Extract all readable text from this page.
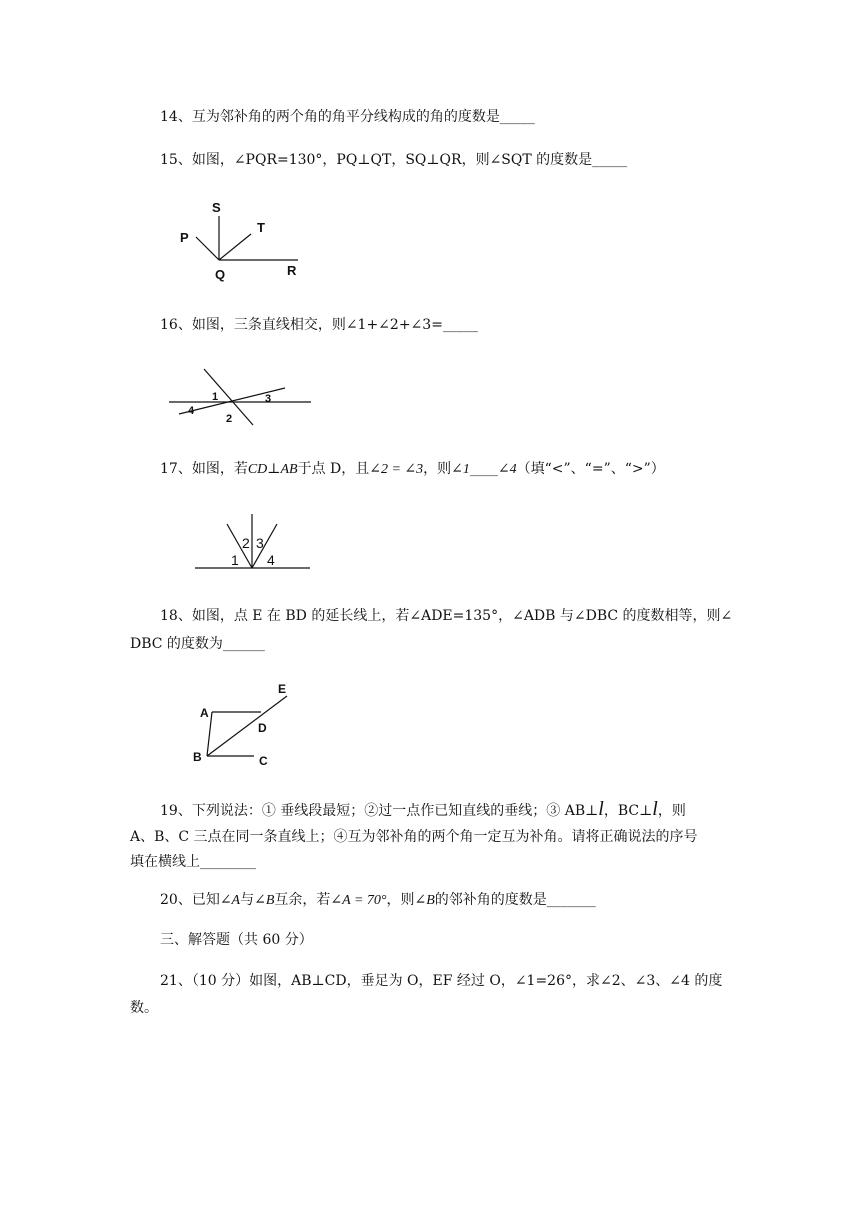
14、互为邻补角的两个角的角平分线构成的角的度数是_____
15、如图，∠PQR=130°，PQ⊥QT，SQ⊥QR，则∠SQT 的度数是_____
S
T
P
Q	R
16、如图，三条直线相交，则∠1+∠2+∠3=_____
1
2
3
4
17、如图，若CD⊥AB于点 D，且∠2 = ∠3，则∠1____∠4（填“<”、“=”、“>”）
1
2 3
4
18、如图，点 E 在 BD 的延长线上，若∠ADE=135°，∠ADB 与∠DBC 的度数相等，则∠
DBC 的度数为______
A
B	C
D
E
19、下列说法：① 垂线段最短；②过一点作已知直线的垂线；③ AB⊥l，BC⊥l，则
A、B、C 三点在同一条直线上；④互为邻补角的两个角一定互为补角。请将正确说法的序号
填在横线上________
20、已知∠A与∠B互余，若∠A = 70°，则∠B的邻补角的度数是_______
三、解答题（共 60 分）
21、（10 分）如图，AB⊥CD，垂足为 O，EF 经过 O，∠1=26°，求∠2、∠3、∠4 的度
数。
